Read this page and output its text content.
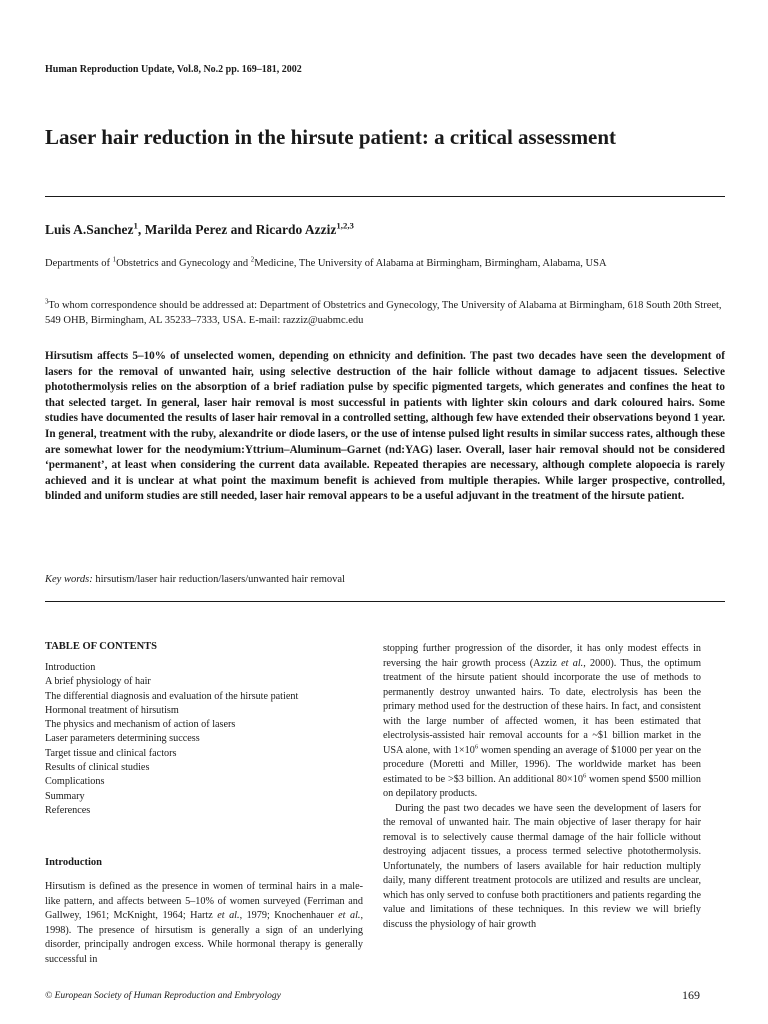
Human Reproduction Update, Vol.8, No.2 pp. 169–181, 2002
Laser hair reduction in the hirsute patient: a critical assessment
Luis A.Sanchez$^1$, Marilda Perez and Ricardo Azziz$^{1,2,3}$
Departments of $^1$Obstetrics and Gynecology and $^2$Medicine, The University of Alabama at Birmingham, Birmingham, Alabama, USA
$^3$To whom correspondence should be addressed at: Department of Obstetrics and Gynecology, The University of Alabama at Birmingham, 618 South 20th Street, 549 OHB, Birmingham, AL 35233–7333, USA. E-mail: razziz@uabmc.edu

Hirsutism affects 5–10% of unselected women, depending on ethnicity and definition. The past two decades have seen the development of lasers for the removal of unwanted hair, using selective destruction of the hair follicle without damage to adjacent tissues. Selective photothermolysis relies on the absorption of a brief radiation pulse by specific pigmented targets, which generates and confines the heat to that selected target. In general, laser hair removal is most successful in patients with lighter skin colours and dark coloured hairs. Some studies have documented the results of laser hair removal in a controlled setting, although few have extended their observations beyond 1 year. In general, treatment with the ruby, alexandrite or diode lasers, or the use of intense pulsed light results in similar success rates, although these are somewhat lower for the neodymium:Yttrium–Aluminum–Garnet (nd:YAG) laser. Overall, laser hair removal should not be considered ‘permanent’, at least when considering the current data available. Repeated therapies are necessary, although complete alopoecia is rarely achieved and it is unclear at what point the maximum benefit is achieved from multiple therapies. While larger prospective, controlled, blinded and uniform studies are still needed, laser hair removal appears to be a useful adjuvant in the treatment of the hirsute patient.

Key words: hirsutism/laser hair reduction/lasers/unwanted hair removal
TABLE OF CONTENTS
Introduction
A brief physiology of hair
The differential diagnosis and evaluation of the hirsute patient
Hormonal treatment of hirsutism
The physics and mechanism of action of lasers
Laser parameters determining success
Target tissue and clinical factors
Results of clinical studies
Complications
Summary
References
Introduction

Hirsutism is defined as the presence in women of terminal hairs in a male-like pattern, and affects between 5–10% of women surveyed (Ferriman and Gallwey, 1961; McKnight, 1964; Hartz et al., 1979; Knochenhauer et al., 1998). The presence of hirsutism is generally a sign of an underlying disorder, principally androgen excess. While hormonal therapy is generally successful in

stopping further progression of the disorder, it has only modest effects in reversing the hair growth process (Azziz et al., 2000). Thus, the optimum treatment of the hirsute patient should incorporate the use of methods to permanently destroy unwanted hairs. To date, electrolysis has been the primary method used for the destruction of these hairs. In fact, and consistent with the large number of affected women, it has been estimated that electrolysis-assisted hair removal accounts for a ~$1 billion market in the USA alone, with $1\times 10^6$ women spending an average of $1000 per year on the procedure (Moretti and Miller, 1996). The worldwide market has been estimated to be >$3 billion. An additional $80\times 10^6$ women spend $500 million on depilatory products.

During the past two decades we have seen the development of lasers for the removal of unwanted hair. The main objective of laser therapy for hair removal is to selectively cause thermal damage of the hair follicle without destroying adjacent tissues, a process termed selective photothermolysis. Unfortunately, the numbers of lasers available for hair reduction multiply daily, many different treatment protocols are utilized and results are unclear, which has only served to confuse both practitioners and patients regarding the value and limitations of these techniques. In this review we will briefly discuss the physiology of hair growth

© European Society of Human Reproduction and Embryology	169
